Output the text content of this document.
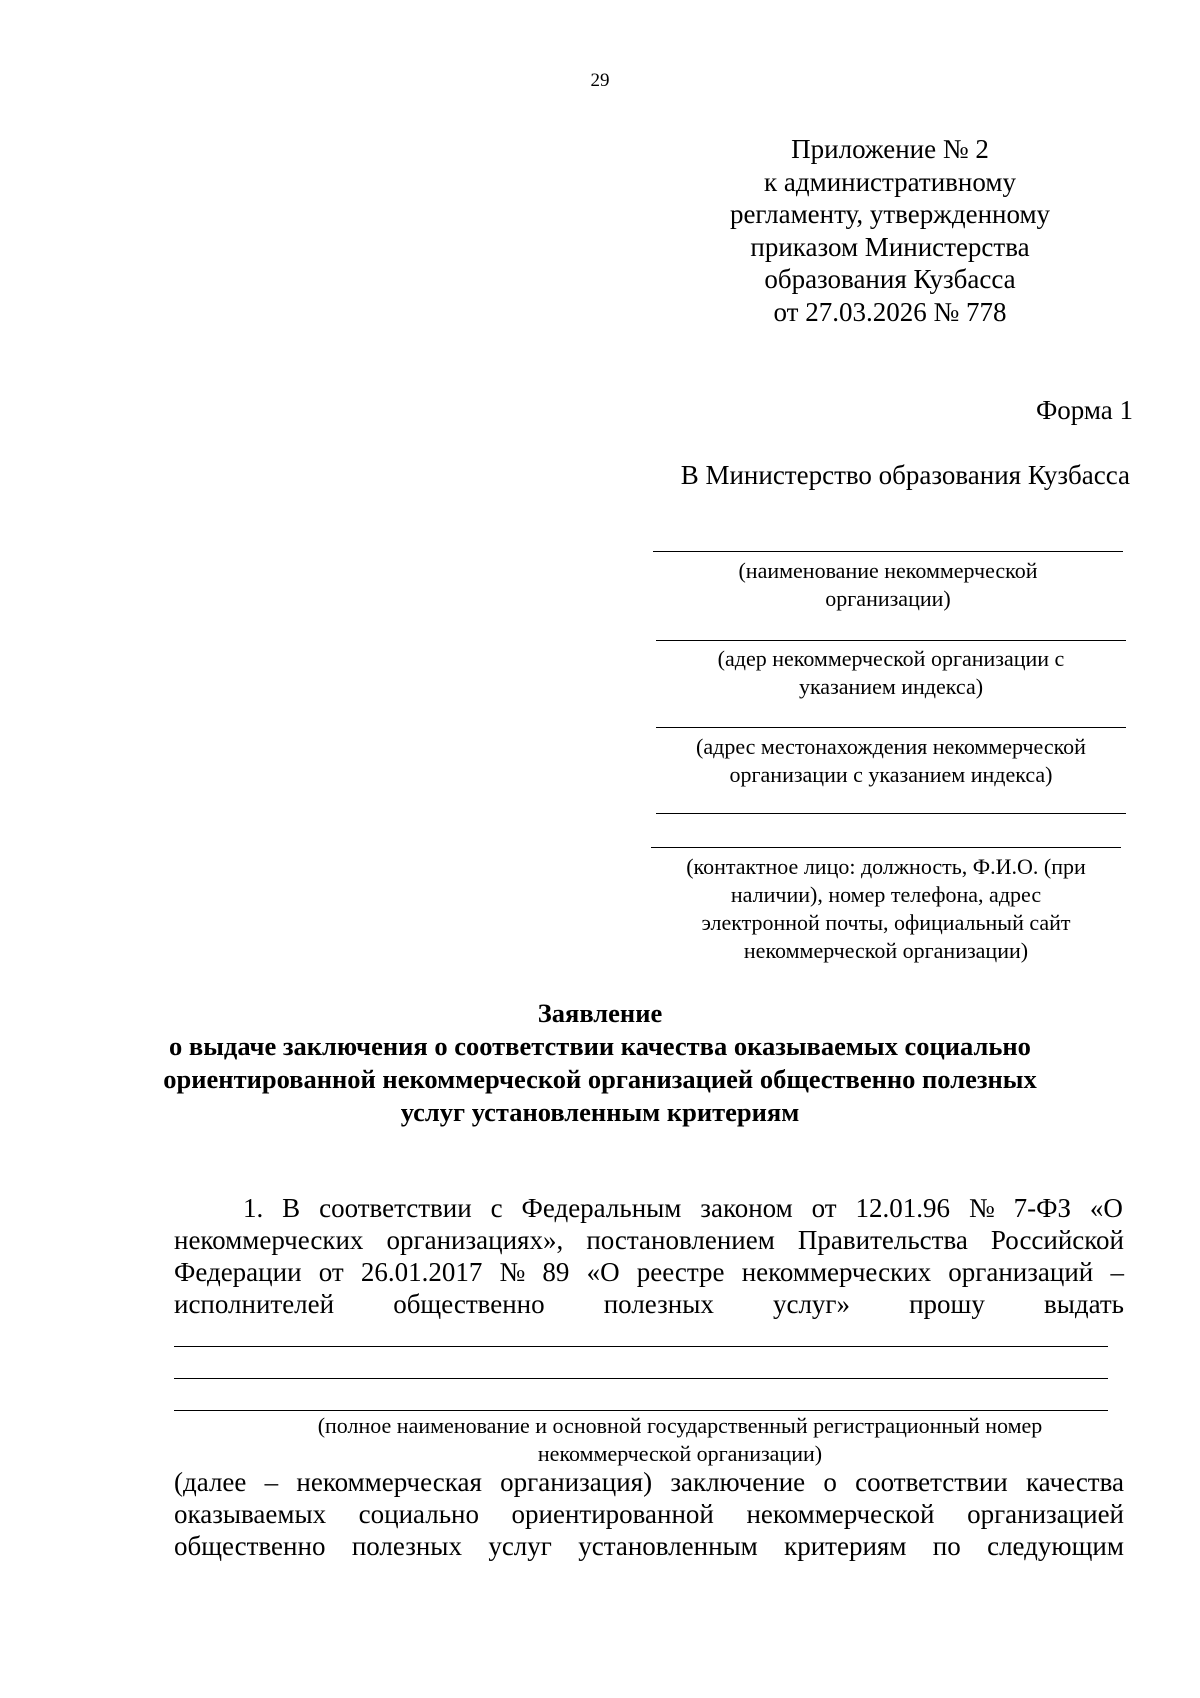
29
Приложение № 2
к административному
регламенту, утвержденному
приказом Министерства
образования Кузбасса
от 27.03.2026 № 778
Форма 1
В Министерство образования Кузбасса
(наименование некоммерческой
организации)
(адер некоммерческой организации с
указанием индекса)
(адрес местонахождения некоммерческой
организации с указанием индекса)
(контактное лицо: должность, Ф.И.О. (при
наличии), номер телефона, адрес
электронной почты, официальный сайт
некоммерческой организации)
Заявление
о выдаче заключения о соответствии качества оказываемых социально
ориентированной некоммерческой организацией общественно полезных
услуг установленным критериям
1. В соответствии с Федеральным законом от 12.01.96 № 7-ФЗ «О
некоммерческих организациях», постановлением Правительства Российской
Федерации от 26.01.2017 № 89 «О реестре некоммерческих организаций –
исполнителей общественно полезных услуг» прошу выдать
(полное наименование и основной государственный регистрационный номер
некоммерческой организации)
(далее – некоммерческая организация) заключение о соответствии качества
оказываемых социально ориентированной некоммерческой организацией
общественно полезных услуг установленным критериям по следующим
